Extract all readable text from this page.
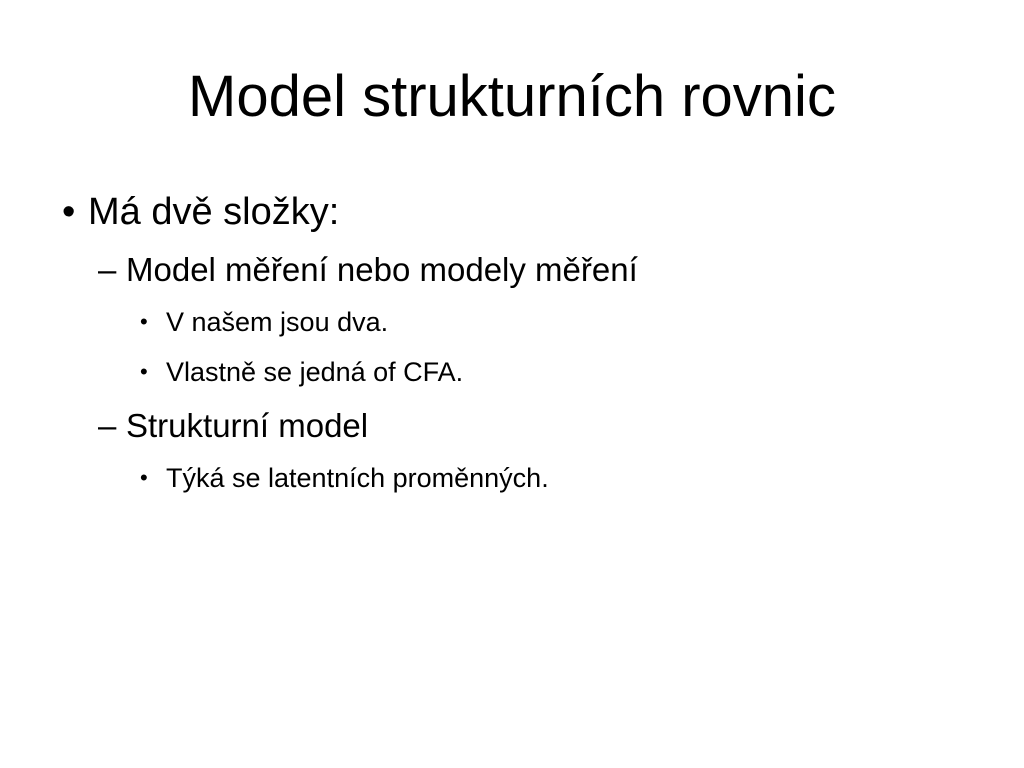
Model strukturních rovnic
• Má dvě složky:
– Model měření nebo modely měření
• V našem jsou dva.
• Vlastně se jedná of CFA.
– Strukturní model
• Týká se latentních proměnných.
